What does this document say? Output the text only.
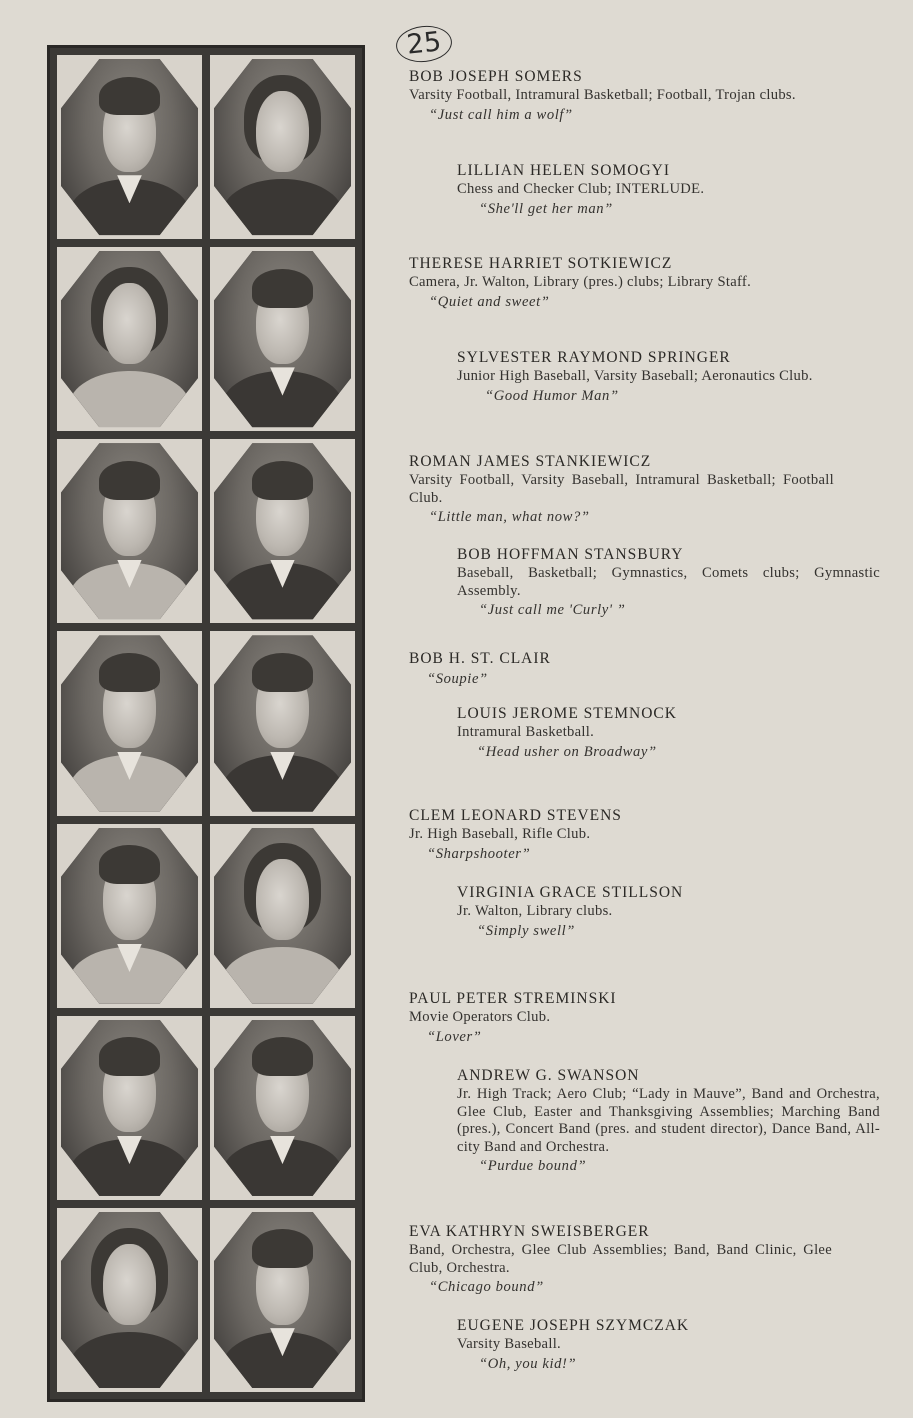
25
BOB JOSEPH SOMERS
Varsity Football, Intramural Basketball; Football, Trojan clubs.
“Just call him a wolf”
LILLIAN HELEN SOMOGYI
Chess and Checker Club; INTERLUDE.
“She'll get her man”
THERESE HARRIET SOTKIEWICZ
Camera, Jr. Walton, Library (pres.) clubs; Library Staff.
“Quiet and sweet”
SYLVESTER RAYMOND SPRINGER
Junior High Baseball, Varsity Baseball; Aeronautics Club.
“Good Humor Man”
ROMAN JAMES STANKIEWICZ
Varsity Football, Varsity Baseball, Intramural Basketball; Football Club.
“Little man, what now?”
BOB HOFFMAN STANSBURY
Baseball, Basketball; Gymnastics, Comets clubs; Gymnastic Assembly.
“Just call me 'Curly' ”
BOB H. ST. CLAIR
“Soupie”
LOUIS JEROME STEMNOCK
Intramural Basketball.
“Head usher on Broadway”
CLEM LEONARD STEVENS
Jr. High Baseball, Rifle Club.
“Sharpshooter”
VIRGINIA GRACE STILLSON
Jr. Walton, Library clubs.
“Simply swell”
PAUL PETER STREMINSKI
Movie Operators Club.
“Lover”
ANDREW G. SWANSON
Jr. High Track; Aero Club; “Lady in Mauve”, Band and Orchestra, Glee Club, Easter and Thanksgiving Assemblies; Marching Band (pres.), Concert Band (pres. and student director), Dance Band, All-city Band and Orchestra.
“Purdue bound”
EVA KATHRYN SWEISBERGER
Band, Orchestra, Glee Club Assemblies; Band, Band Clinic, Glee Club, Orchestra.
“Chicago bound”
EUGENE JOSEPH SZYMCZAK
Varsity Baseball.
“Oh, you kid!”
